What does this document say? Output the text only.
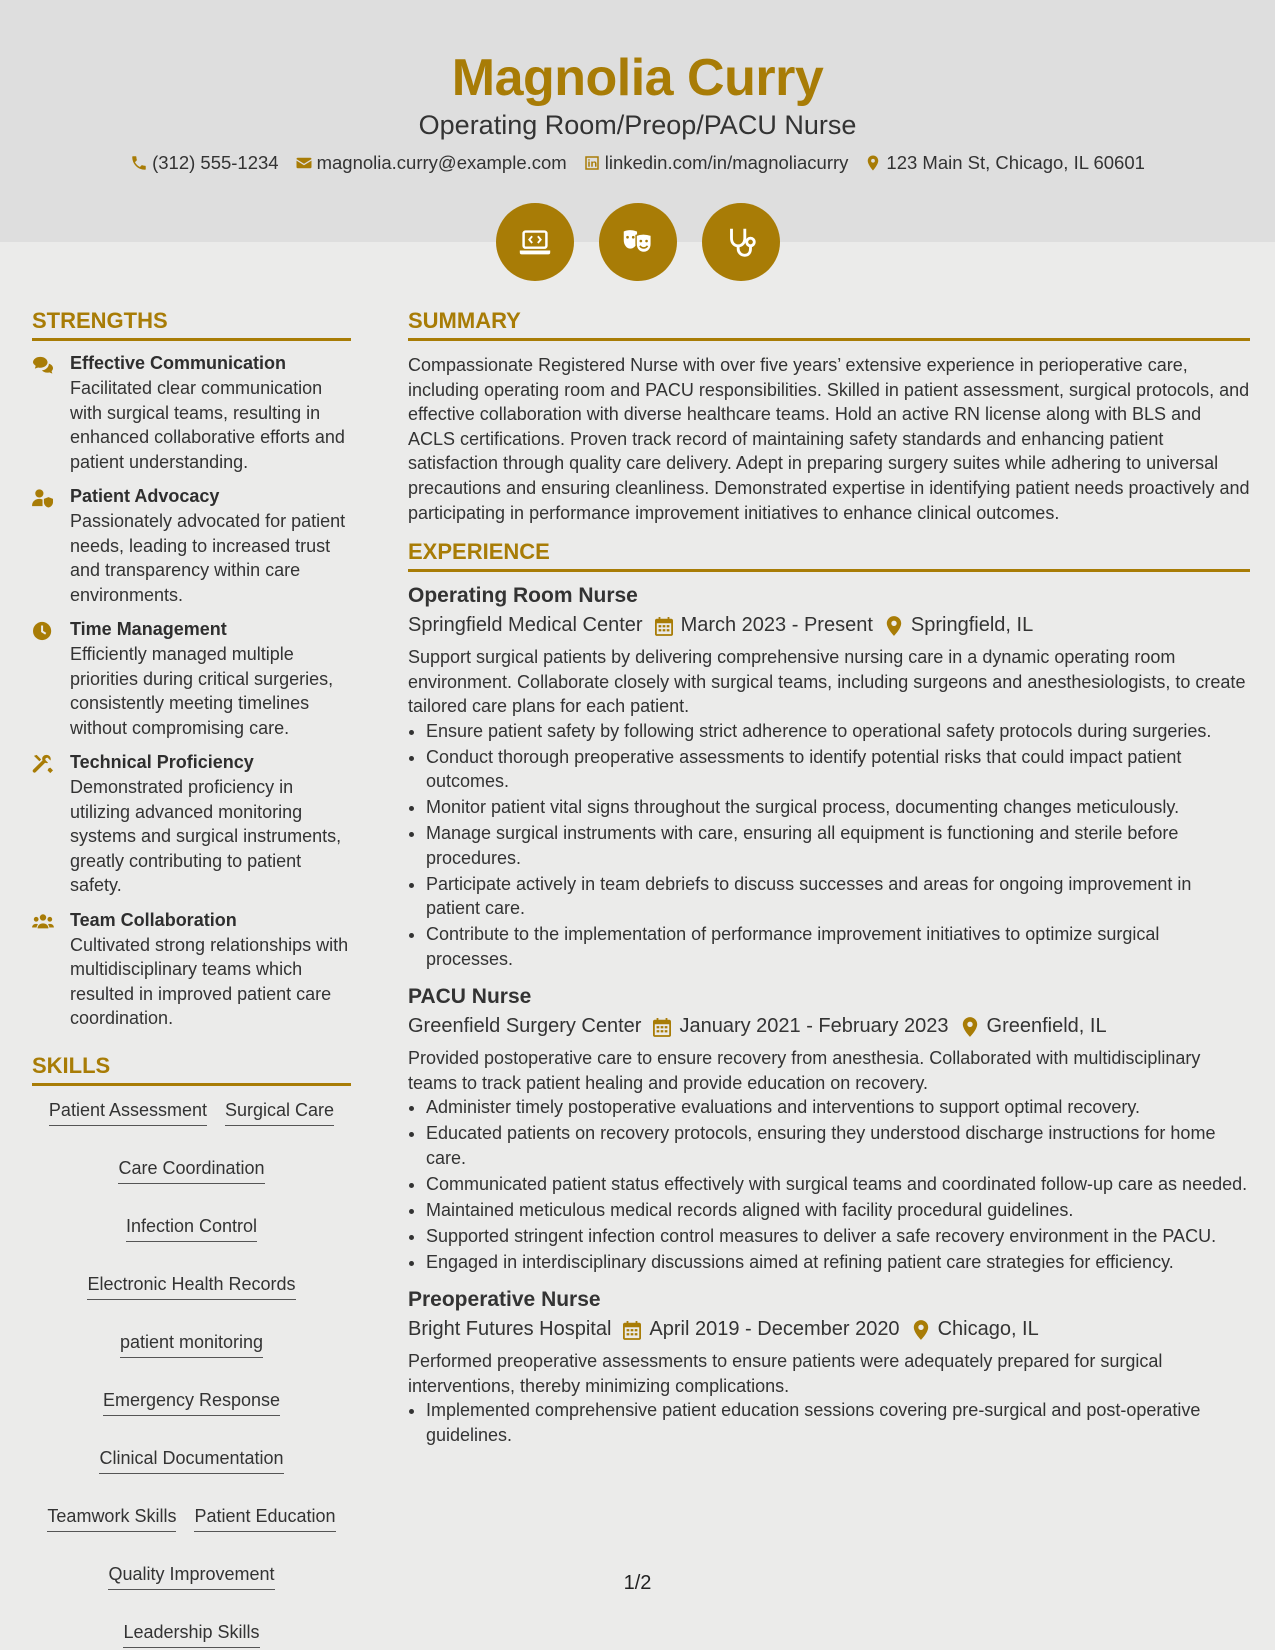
Magnolia Curry
Operating Room/Preop/PACU Nurse
(312) 555-1234 magnolia.curry@example.com linkedin.com/in/magnoliacurry 123 Main St, Chicago, IL 60601
STRENGTHS
Effective Communication
Facilitated clear communication with surgical teams, resulting in enhanced collaborative efforts and patient understanding.
Patient Advocacy
Passionately advocated for patient needs, leading to increased trust and transparency within care environments.
Time Management
Efficiently managed multiple priorities during critical surgeries, consistently meeting timelines without compromising care.
Technical Proficiency
Demonstrated proficiency in utilizing advanced monitoring systems and surgical instruments, greatly contributing to patient safety.
Team Collaboration
Cultivated strong relationships with multidisciplinary teams which resulted in improved patient care coordination.
SKILLS
Patient Assessment Surgical Care
Care Coordination
Infection Control
Electronic Health Records
patient monitoring
Emergency Response
Clinical Documentation
Teamwork Skills Patient Education
Quality Improvement
Leadership Skills
SUMMARY
Compassionate Registered Nurse with over five years’ extensive experience in perioperative care, including operating room and PACU responsibilities. Skilled in patient assessment, surgical protocols, and effective collaboration with diverse healthcare teams. Hold an active RN license along with BLS and ACLS certifications. Proven track record of maintaining safety standards and enhancing patient satisfaction through quality care delivery. Adept in preparing surgery suites while adhering to universal precautions and ensuring cleanliness. Demonstrated expertise in identifying patient needs proactively and participating in performance improvement initiatives to enhance clinical outcomes.
EXPERIENCE
Operating Room Nurse
Springfield Medical Center March 2023 - Present Springfield, IL
Support surgical patients by delivering comprehensive nursing care in a dynamic operating room environment. Collaborate closely with surgical teams, including surgeons and anesthesiologists, to create tailored care plans for each patient.
• Ensure patient safety by following strict adherence to operational safety protocols during surgeries.
• Conduct thorough preoperative assessments to identify potential risks that could impact patient outcomes.
• Monitor patient vital signs throughout the surgical process, documenting changes meticulously.
• Manage surgical instruments with care, ensuring all equipment is functioning and sterile before procedures.
• Participate actively in team debriefs to discuss successes and areas for ongoing improvement in patient care.
• Contribute to the implementation of performance improvement initiatives to optimize surgical processes.
PACU Nurse
Greenfield Surgery Center January 2021 - February 2023 Greenfield, IL
Provided postoperative care to ensure recovery from anesthesia. Collaborated with multidisciplinary teams to track patient healing and provide education on recovery.
• Administer timely postoperative evaluations and interventions to support optimal recovery.
• Educated patients on recovery protocols, ensuring they understood discharge instructions for home care.
• Communicated patient status effectively with surgical teams and coordinated follow-up care as needed.
• Maintained meticulous medical records aligned with facility procedural guidelines.
• Supported stringent infection control measures to deliver a safe recovery environment in the PACU.
• Engaged in interdisciplinary discussions aimed at refining patient care strategies for efficiency.
Preoperative Nurse
Bright Futures Hospital April 2019 - December 2020 Chicago, IL
Performed preoperative assessments to ensure patients were adequately prepared for surgical interventions, thereby minimizing complications.
• Implemented comprehensive patient education sessions covering pre-surgical and post-operative guidelines.
1/2
